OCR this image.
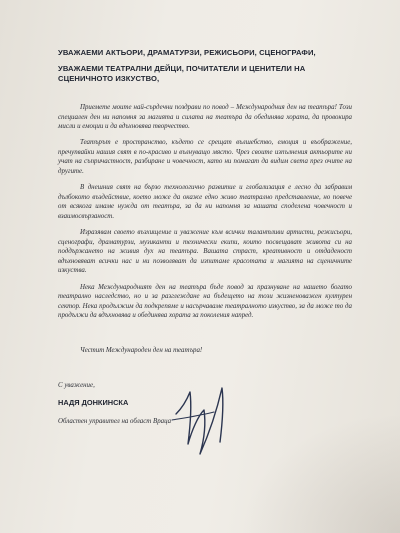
УВАЖАЕМИ АКТЬОРИ, ДРАМАТУРЗИ, РЕЖИСЬОРИ, СЦЕНОГРАФИ,
УВАЖАЕМИ ТЕАТРАЛНИ ДЕЙЦИ, ПОЧИТАТЕЛИ И ЦЕНИТЕЛИ НА СЦЕНИЧНОТО ИЗКУСТВО,

Приемете моите най-сърдечни поздрави по повод – Международния ден на театъра! Този специален ден ни напомня за магията и силата на театъра да обединява хората, да провокира мисли и емоции и да вдъхновява творчество.

Театърът е пространство, където се срещат вълшебство, емоция и въображение, пречупвайки нашия свят в по-красиво и вълнуващо място. Чрез своите изпълнения актьорите ни учат на съпричастност, разбиране и човечност, като ни помагат да видим света през очите на другите.

В днешния свят на бързо технологично развитие и глобализация е лесно да забравим дълбокото въздействие, което може да окаже едно живо театрално представление, но повече от всякога имаме нужда от театъра, за да ни напомня за нашата споделена човечност и взаимосвързаност.

Изразявам своето възхищение и уважение към всички талантливи артисти, режисьори, сценографи, драматурзи, музиканти и технически екипи, които посвещават живота си на поддържането на живия дух на театъра. Вашата страст, креативност и отдаденост вдъхновяват всички нас и ни позволяват да изпитаме красотата и магията на сценичните изкуства.

Нека Международният ден на театъра бъде повод за празнуване на нашето богато театрално наследство, но и за разглеждане на бъдещето на този жизненоважен културен сектор. Нека продължим да подкрепяме и насърчаваме театралното изкуство, за да може то да продължи да вдъхновява и обединява хората за поколения напред.

Честит Международен ден на театъра!
С уважение,
НАДЯ ДОНКИНСКА
Областен управител на област Враца
